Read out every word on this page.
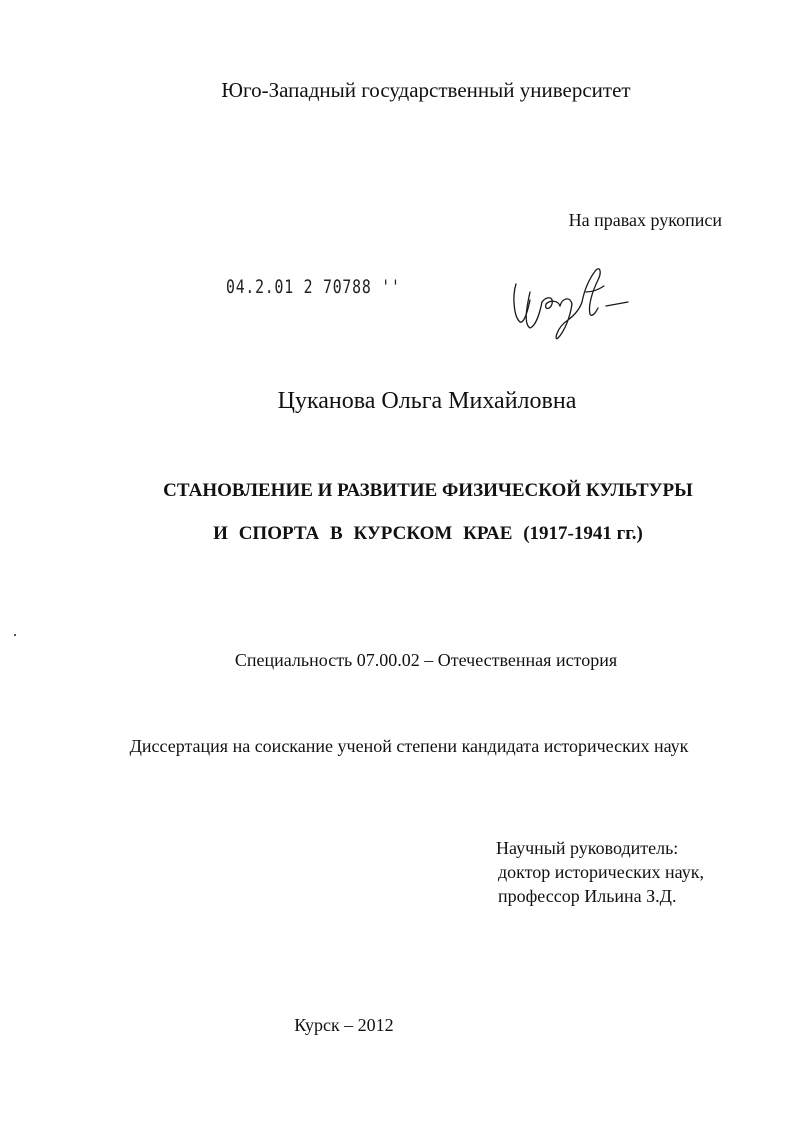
Юго-Западный государственный университет
На правах рукописи
04.2.01 2 70788 ''
Цуканова Ольга Михайловна
СТАНОВЛЕНИЕ И РАЗВИТИЕ ФИЗИЧЕСКОЙ КУЛЬТУРЫ
И СПОРТА В КУРСКОМ КРАЕ (1917-1941 гг.)
Специальность 07.00.02 – Отечественная история
Диссертация на соискание ученой степени кандидата исторических наук
Научный руководитель:
доктор исторических наук,
профессор Ильина З.Д.
Курск – 2012
